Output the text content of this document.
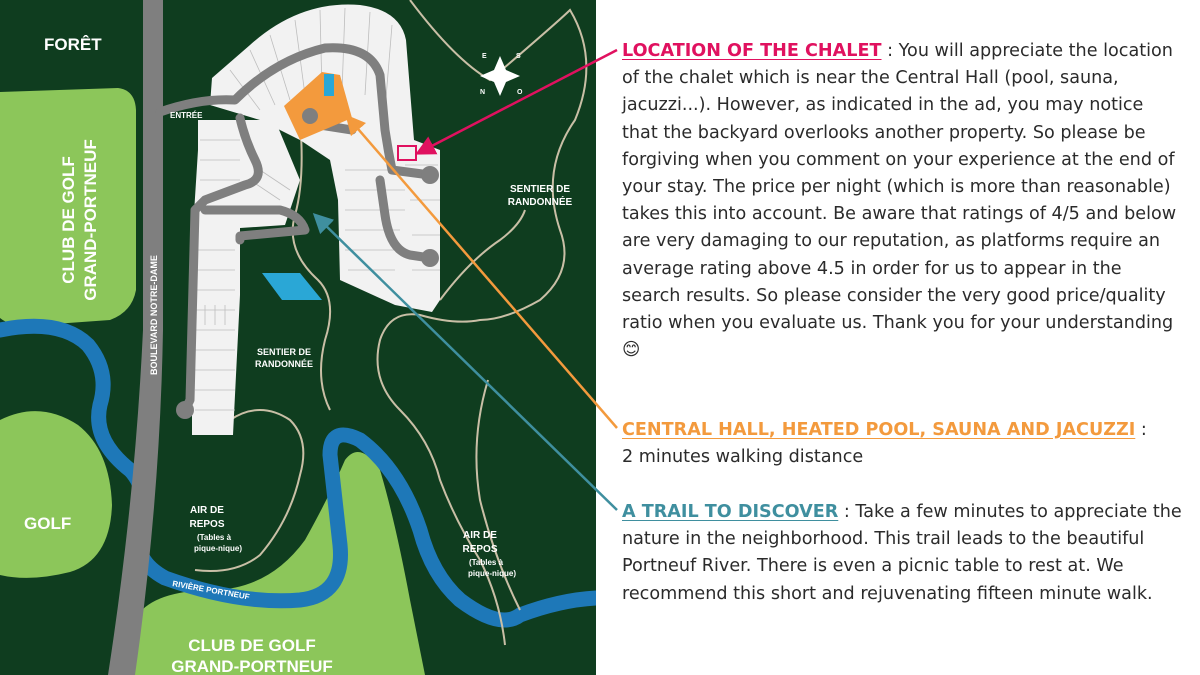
BOULEVARD NOTRE-DAME
E	S
N	O
FORÊT
ENTRÉE
CLUB DE GOLF GRAND-PORTNEUF
GOLF
CLUB DE GOLF
GRAND-PORTNEUF
RIVIÈRE PORTNEUF
SENTIER DE
RANDONNÉE
SENTIER DE
RANDONNÉE
AIR DE
REPOS
(Tables à
pique-nique)
AIR DE
REPOS
(Tables à
pique-nique)

LOCATION OF THE CHALET : You will appreciate the location of the chalet which is near the Central Hall (pool, sauna, jacuzzi...). However, as indicated in the ad, you may notice that the backyard overlooks another property. So please be forgiving when you comment on your experience at the end of your stay. The price per night (which is more than reasonable) takes this into account. Be aware that ratings of 4/5 and below are very damaging to our reputation, as platforms require an average rating above 4.5 in order for us to appear in the search results. So please consider the very good price/quality ratio when you evaluate us. Thank you for your understanding 😊

CENTRAL HALL, HEATED POOL, SAUNA AND JACUZZI :
2 minutes walking distance

A TRAIL TO DISCOVER : Take a few minutes to appreciate the nature in the neighborhood. This trail leads to the beautiful Portneuf River. There is even a picnic table to rest at. We recommend this short and rejuvenating fifteen minute walk.
